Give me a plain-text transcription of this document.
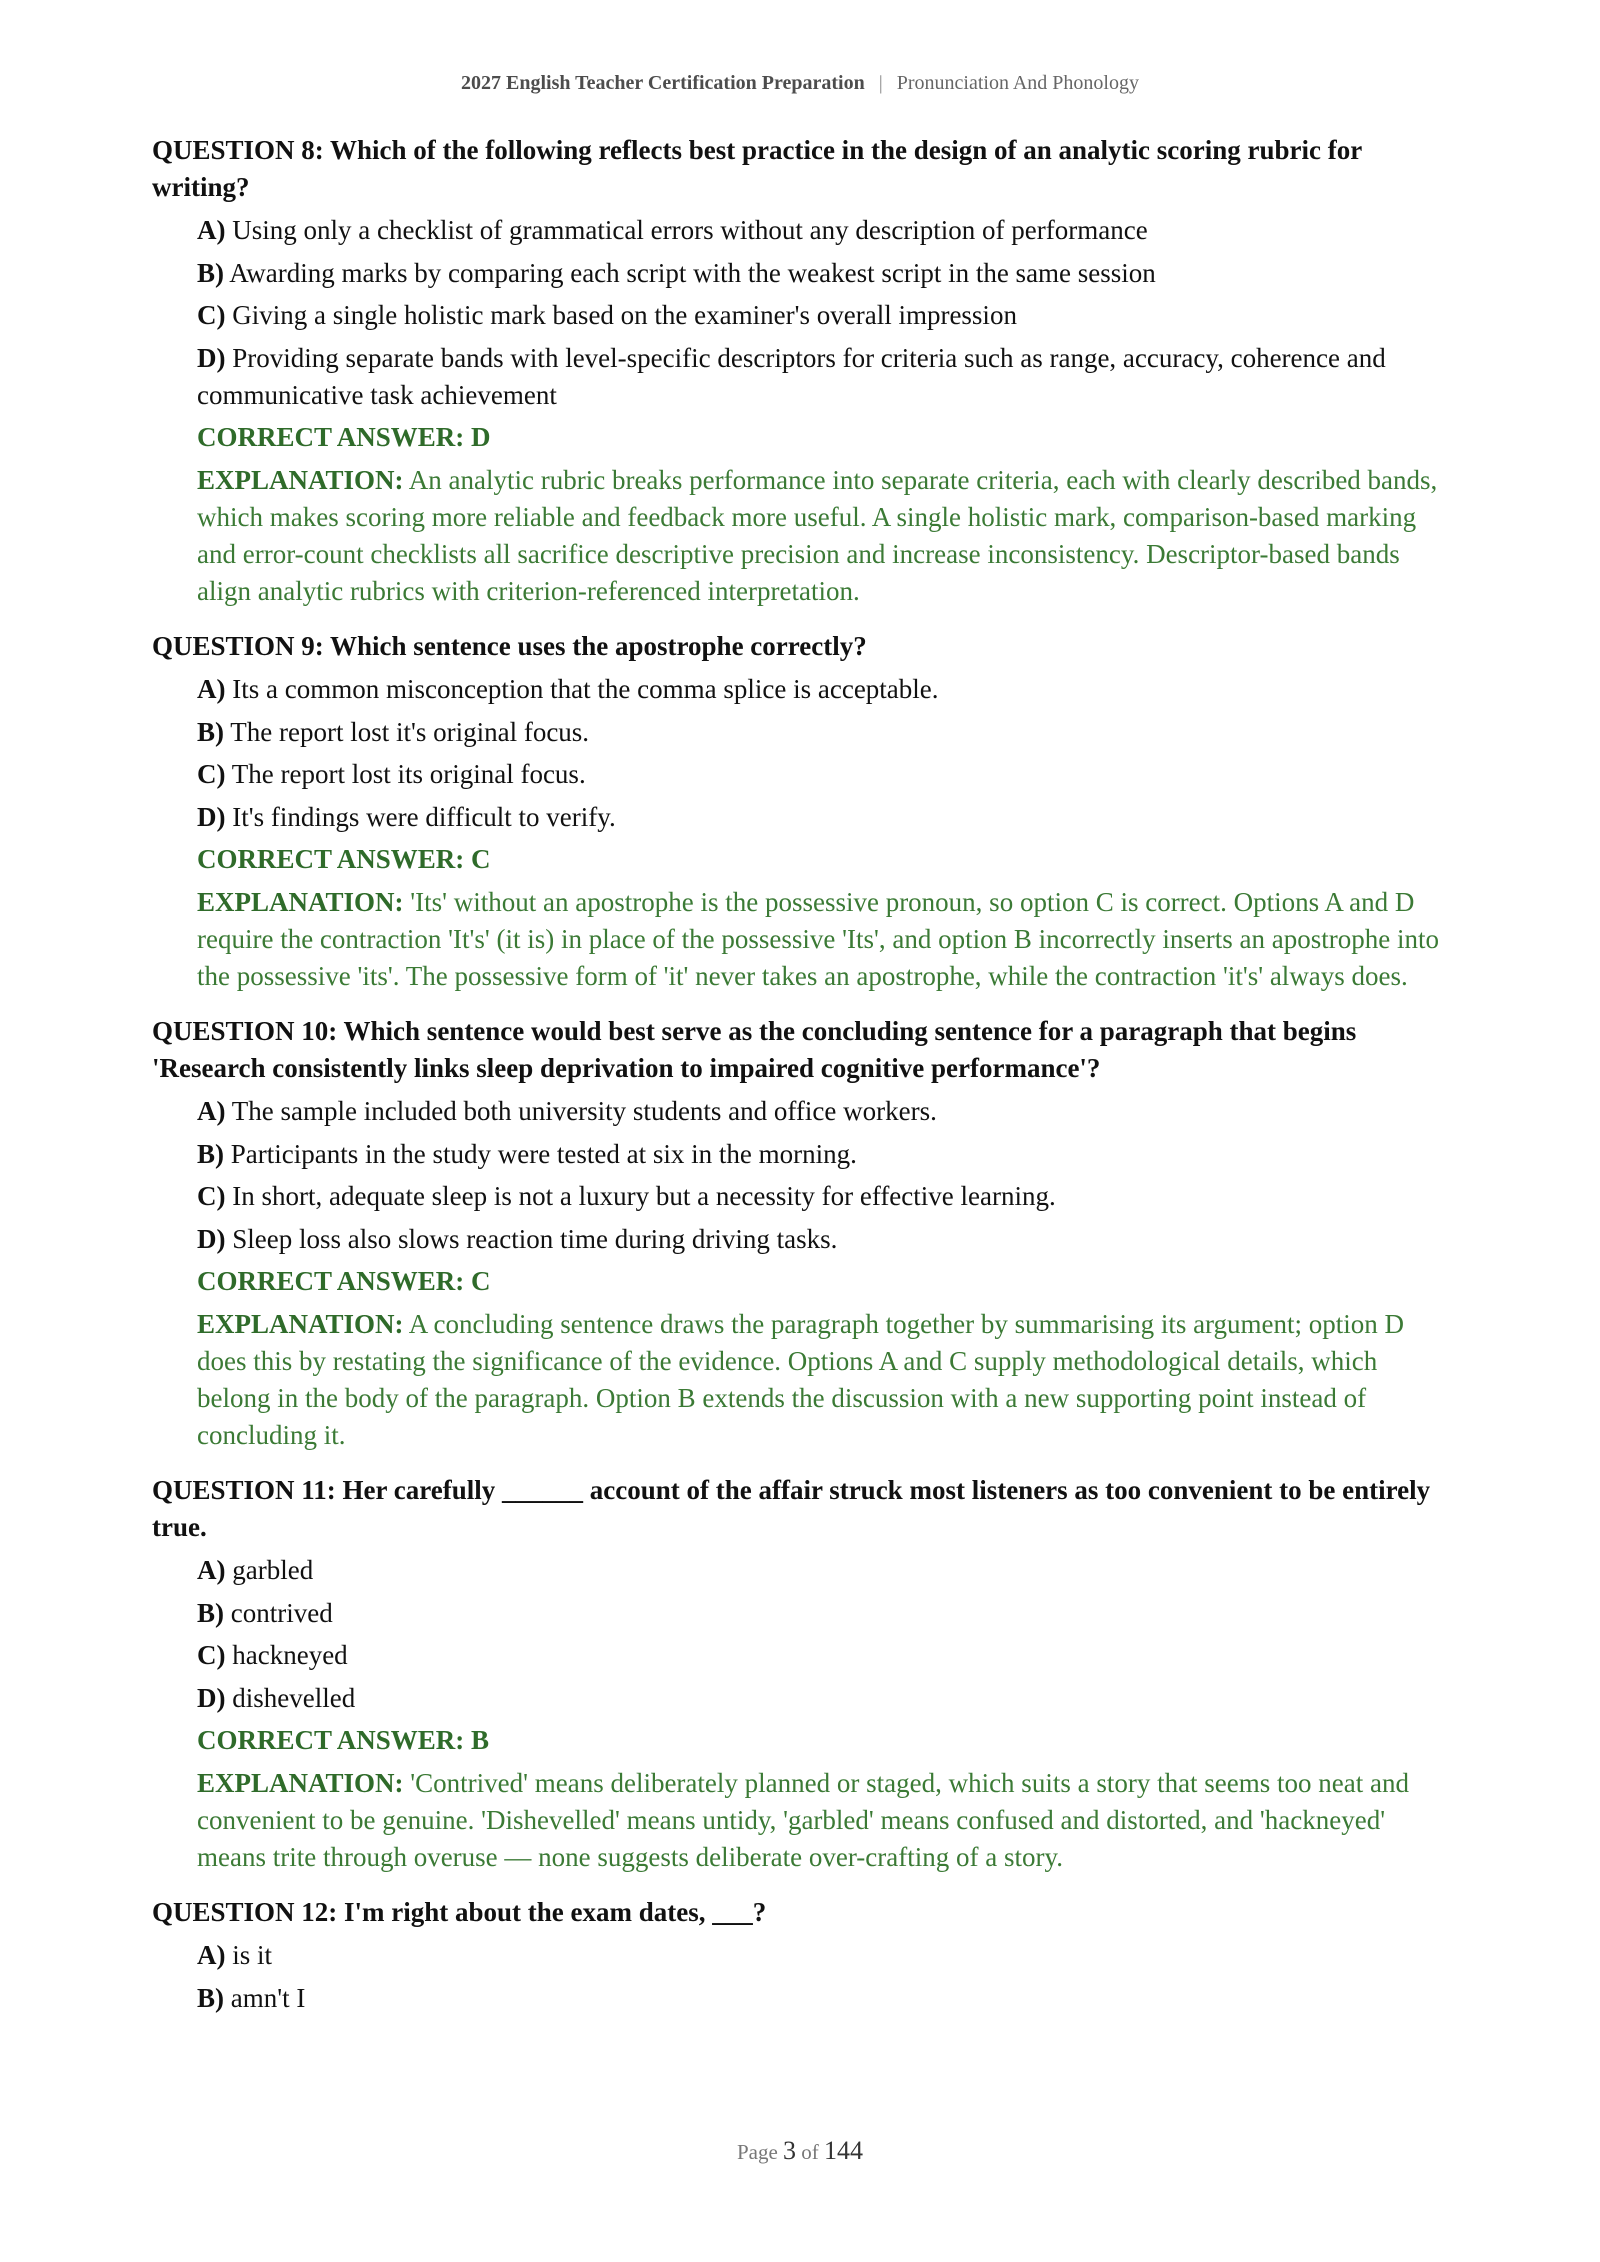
2027 English Teacher Certification Preparation | Pronunciation And Phonology
QUESTION 8: Which of the following reflects best practice in the design of an analytic scoring rubric for writing?
A) Using only a checklist of grammatical errors without any description of performance
B) Awarding marks by comparing each script with the weakest script in the same session
C) Giving a single holistic mark based on the examiner's overall impression
D) Providing separate bands with level-specific descriptors for criteria such as range, accuracy, coherence and communicative task achievement
CORRECT ANSWER: D
EXPLANATION: An analytic rubric breaks performance into separate criteria, each with clearly described bands, which makes scoring more reliable and feedback more useful. A single holistic mark, comparison-based marking and error-count checklists all sacrifice descriptive precision and increase inconsistency. Descriptor-based bands align analytic rubrics with criterion-referenced interpretation.
QUESTION 9: Which sentence uses the apostrophe correctly?
A) Its a common misconception that the comma splice is acceptable.
B) The report lost it's original focus.
C) The report lost its original focus.
D) It's findings were difficult to verify.
CORRECT ANSWER: C
EXPLANATION: 'Its' without an apostrophe is the possessive pronoun, so option C is correct. Options A and D require the contraction 'It's' (it is) in place of the possessive 'Its', and option B incorrectly inserts an apostrophe into the possessive 'its'. The possessive form of 'it' never takes an apostrophe, while the contraction 'it's' always does.
QUESTION 10: Which sentence would best serve as the concluding sentence for a paragraph that begins 'Research consistently links sleep deprivation to impaired cognitive performance'?
A) The sample included both university students and office workers.
B) Participants in the study were tested at six in the morning.
C) In short, adequate sleep is not a luxury but a necessity for effective learning.
D) Sleep loss also slows reaction time during driving tasks.
CORRECT ANSWER: C
EXPLANATION: A concluding sentence draws the paragraph together by summarising its argument; option D does this by restating the significance of the evidence. Options A and C supply methodological details, which belong in the body of the paragraph. Option B extends the discussion with a new supporting point instead of concluding it.
QUESTION 11: Her carefully ______ account of the affair struck most listeners as too convenient to be entirely true.
A) garbled
B) contrived
C) hackneyed
D) dishevelled
CORRECT ANSWER: B
EXPLANATION: 'Contrived' means deliberately planned or staged, which suits a story that seems too neat and convenient to be genuine. 'Dishevelled' means untidy, 'garbled' means confused and distorted, and 'hackneyed' means trite through overuse — none suggests deliberate over-crafting of a story.
QUESTION 12: I'm right about the exam dates, ___?
A) is it
B) amn't I
Page 3 of 144
